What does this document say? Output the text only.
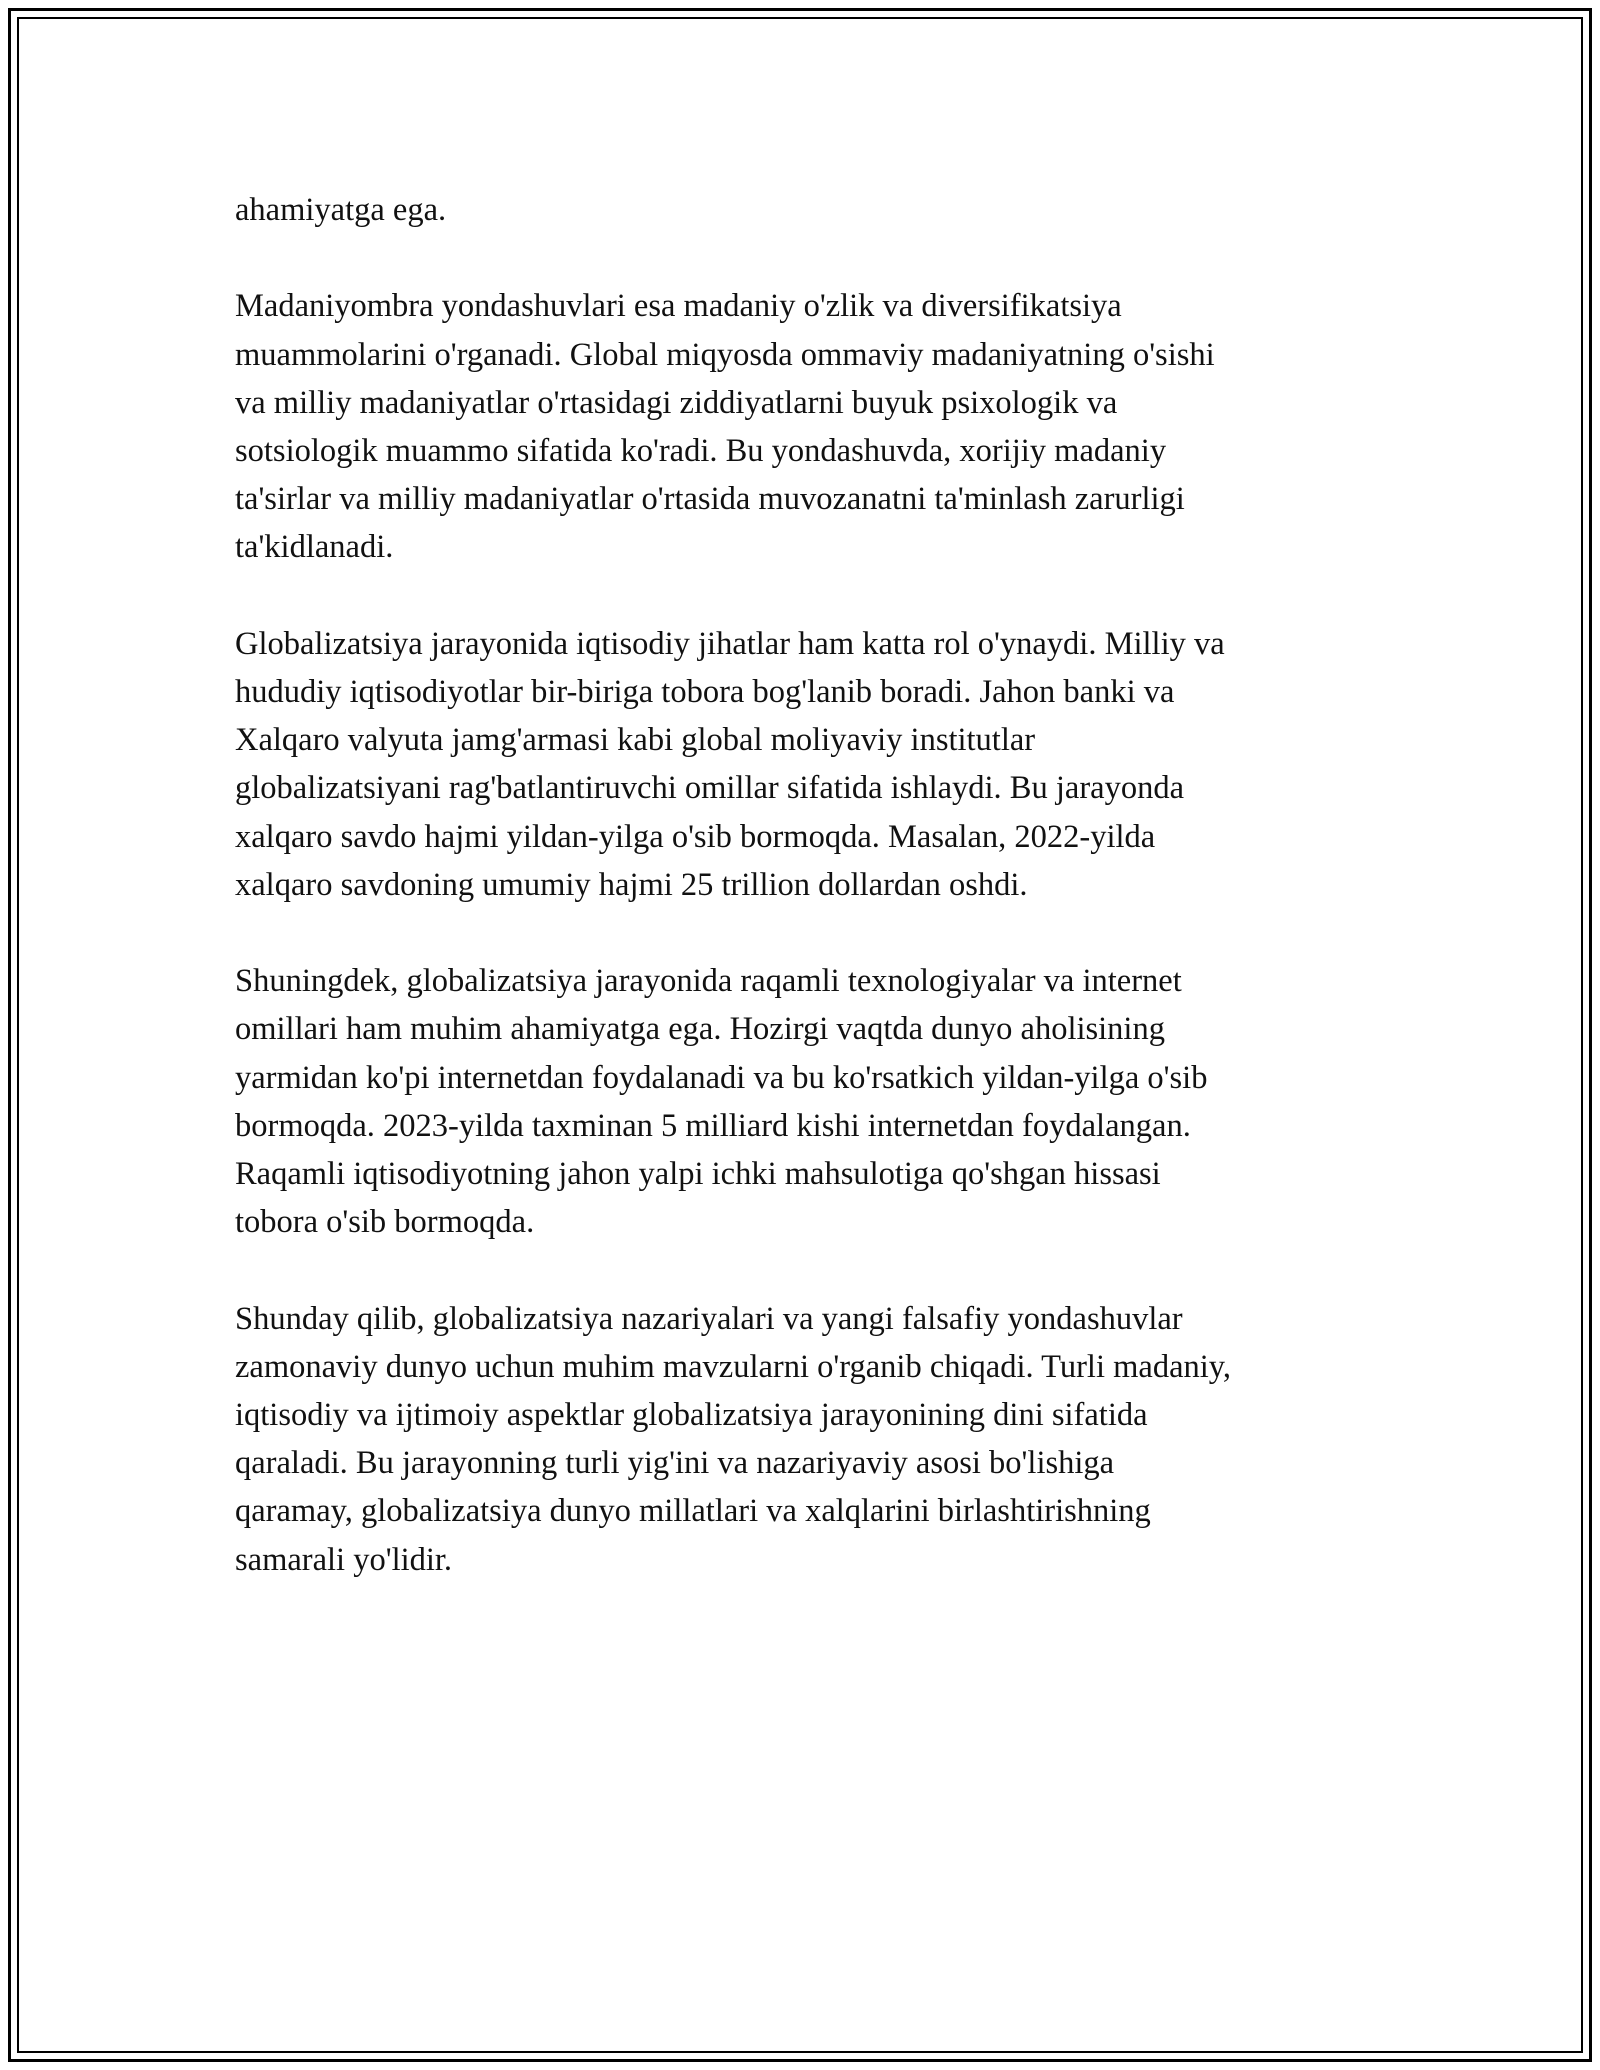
ahamiyatga ega.

Madaniyombra yondashuvlari esa madaniy o'zlik va diversifikatsiya
muammolarini o'rganadi. Global miqyosda ommaviy madaniyatning o'sishi
va milliy madaniyatlar o'rtasidagi ziddiyatlarni buyuk psixologik va
sotsiologik muammo sifatida ko'radi. Bu yondashuvda, xorijiy madaniy
ta'sirlar va milliy madaniyatlar o'rtasida muvozanatni ta'minlash zarurligi
ta'kidlanadi.

Globalizatsiya jarayonida iqtisodiy jihatlar ham katta rol o'ynaydi. Milliy va
hududiy iqtisodiyotlar bir-biriga tobora bog'lanib boradi. Jahon banki va
Xalqaro valyuta jamg'armasi kabi global moliyaviy institutlar
globalizatsiyani rag'batlantiruvchi omillar sifatida ishlaydi. Bu jarayonda
xalqaro savdo hajmi yildan-yilga o'sib bormoqda. Masalan, 2022-yilda
xalqaro savdoning umumiy hajmi 25 trillion dollardan oshdi.

Shuningdek, globalizatsiya jarayonida raqamli texnologiyalar va internet
omillari ham muhim ahamiyatga ega. Hozirgi vaqtda dunyo aholisining
yarmidan ko'pi internetdan foydalanadi va bu ko'rsatkich yildan-yilga o'sib
bormoqda. 2023-yilda taxminan 5 milliard kishi internetdan foydalangan.
Raqamli iqtisodiyotning jahon yalpi ichki mahsulotiga qo'shgan hissasi
tobora o'sib bormoqda.

Shunday qilib, globalizatsiya nazariyalari va yangi falsafiy yondashuvlar
zamonaviy dunyo uchun muhim mavzularni o'rganib chiqadi. Turli madaniy,
iqtisodiy va ijtimoiy aspektlar globalizatsiya jarayonining dini sifatida
qaraladi. Bu jarayonning turli yig'ini va nazariyaviy asosi bo'lishiga
qaramay, globalizatsiya dunyo millatlari va xalqlarini birlashtirishning
samarali yo'lidir.
